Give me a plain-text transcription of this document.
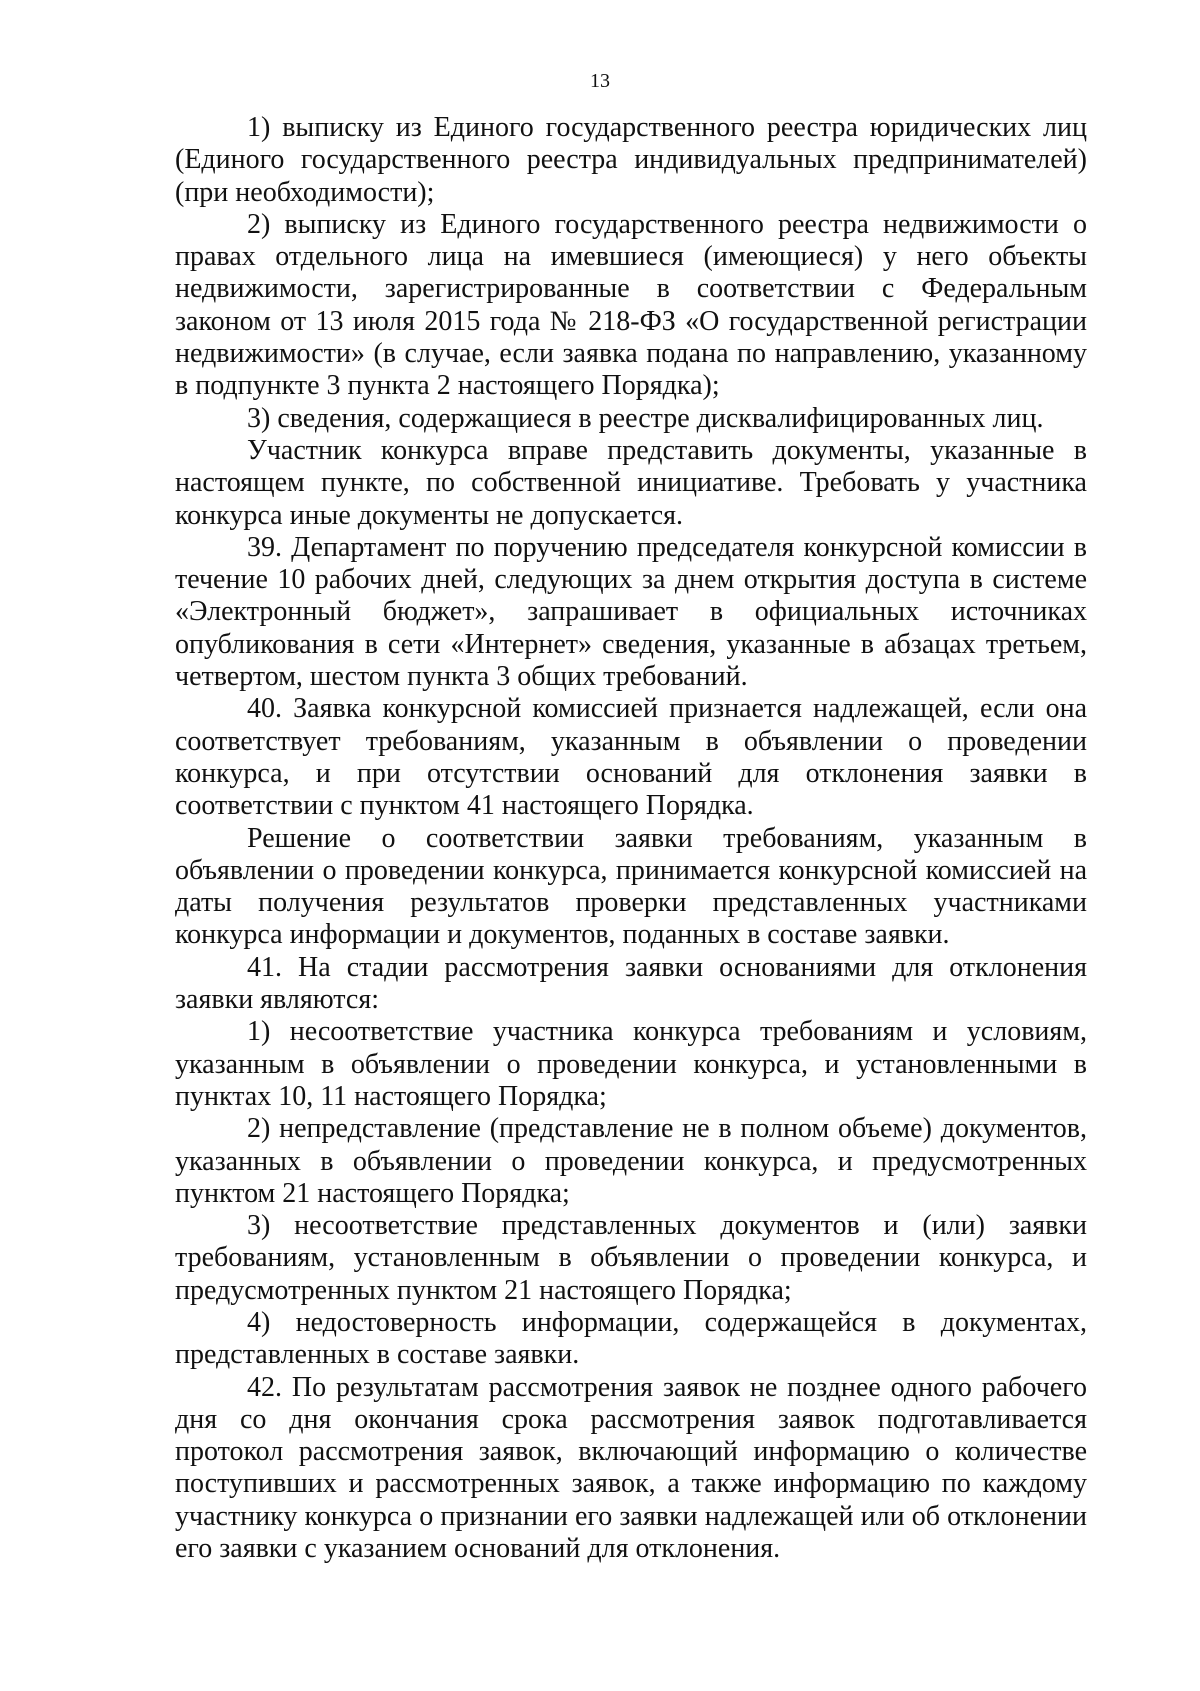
13

1) выписку из Единого государственного реестра юридических лиц (Единого государственного реестра индивидуальных предпринимателей) (при необходимости);

2) выписку из Единого государственного реестра недвижимости о правах отдельного лица на имевшиеся (имеющиеся) у него объекты недвижимости, зарегистрированные в соответствии с Федеральным законом от 13 июля 2015 года № 218-ФЗ «О государственной регистрации недвижимости» (в случае, если заявка подана по направлению, указанному в подпункте 3 пункта 2 настоящего Порядка);

3) сведения, содержащиеся в реестре дисквалифицированных лиц.

Участник конкурса вправе представить документы, указанные в настоящем пункте, по собственной инициативе. Требовать у участника конкурса иные документы не допускается.

39. Департамент по поручению председателя конкурсной комиссии в течение 10 рабочих дней, следующих за днем открытия доступа в системе «Электронный бюджет», запрашивает в официальных источниках опубликования в сети «Интернет» сведения, указанные в абзацах третьем, четвертом, шестом пункта 3 общих требований.

40. Заявка конкурсной комиссией признается надлежащей, если она соответствует требованиям, указанным в объявлении о проведении конкурса, и при отсутствии оснований для отклонения заявки в соответствии с пунктом 41 настоящего Порядка.

Решение о соответствии заявки требованиям, указанным в объявлении о проведении конкурса, принимается конкурсной комиссией на даты получения результатов проверки представленных участниками конкурса информации и документов, поданных в составе заявки.

41. На стадии рассмотрения заявки основаниями для отклонения заявки являются:

1) несоответствие участника конкурса требованиям и условиям, указанным в объявлении о проведении конкурса, и установленными в пунктах 10, 11 настоящего Порядка;

2) непредставление (представление не в полном объеме) документов, указанных в объявлении о проведении конкурса, и предусмотренных пунктом 21 настоящего Порядка;

3) несоответствие представленных документов и (или) заявки требованиям, установленным в объявлении о проведении конкурса, и предусмотренных пунктом 21 настоящего Порядка;

4) недостоверность информации, содержащейся в документах, представленных в составе заявки.

42. По результатам рассмотрения заявок не позднее одного рабочего дня со дня окончания срока рассмотрения заявок подготавливается протокол рассмотрения заявок, включающий информацию о количестве поступивших и рассмотренных заявок, а также информацию по каждому участнику конкурса о признании его заявки надлежащей или об отклонении его заявки с указанием оснований для отклонения.
